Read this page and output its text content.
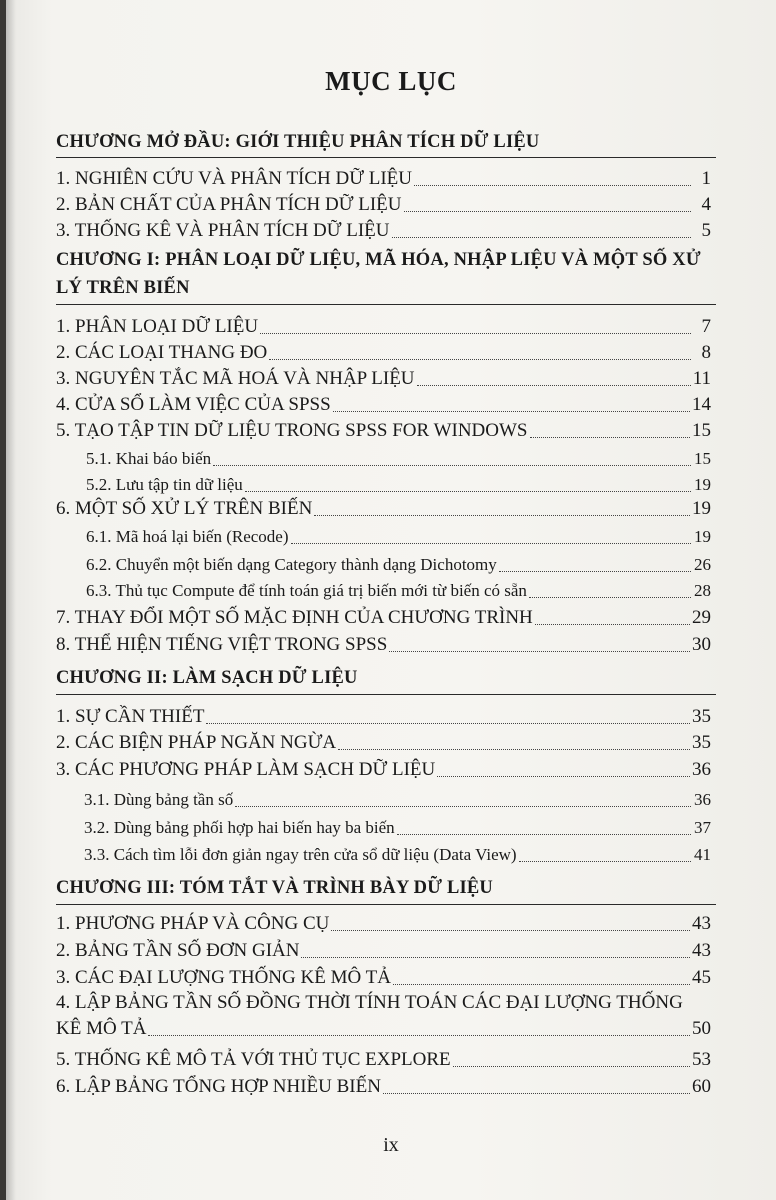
MỤC LỤC
CHƯƠNG MỞ ĐẦU: GIỚI THIỆU PHÂN TÍCH DỮ LIỆU
1. NGHIÊN CỨU VÀ PHÂN TÍCH DỮ LIỆU	1
2. BẢN CHẤT CỦA PHÂN TÍCH DỮ LIỆU	4
3. THỐNG KÊ VÀ PHÂN TÍCH DỮ LIỆU	5
CHƯƠNG I: PHÂN LOẠI DỮ LIỆU, MÃ HÓA, NHẬP LIỆU VÀ MỘT SỐ XỬ
LÝ TRÊN BIẾN
1. PHÂN LOẠI DỮ LIỆU	7
2. CÁC LOẠI THANG ĐO	8
3. NGUYÊN TẮC MÃ HOÁ VÀ NHẬP LIỆU	11
4. CỬA SỔ LÀM VIỆC CỦA SPSS	14
5. TẠO TẬP TIN DỮ LIỆU TRONG SPSS FOR WINDOWS	15
5.1. Khai báo biến	15
5.2. Lưu tập tin dữ liệu	19
6. MỘT SỐ XỬ LÝ TRÊN BIẾN	19
6.1. Mã hoá lại biến (Recode)	19
6.2. Chuyển một biến dạng Category thành dạng Dichotomy	26
6.3. Thủ tục Compute để tính toán giá trị biến mới từ biến có sẵn	28
7. THAY ĐỔI MỘT SỐ MẶC ĐỊNH CỦA CHƯƠNG TRÌNH	29
8. THỂ HIỆN TIẾNG VIỆT TRONG SPSS	30
CHƯƠNG II: LÀM SẠCH DỮ LIỆU
1. SỰ CẦN THIẾT	35
2. CÁC BIỆN PHÁP NGĂN NGỪA	35
3. CÁC PHƯƠNG PHÁP LÀM SẠCH DỮ LIỆU	36
3.1. Dùng bảng tần số	36
3.2. Dùng bảng phối hợp hai biến hay ba biến	37
3.3. Cách tìm lỗi đơn giản ngay trên cửa sổ dữ liệu (Data View)	41
CHƯƠNG III: TÓM TẮT VÀ TRÌNH BÀY DỮ LIỆU
1. PHƯƠNG PHÁP VÀ CÔNG CỤ	43
2. BẢNG TẦN SỐ ĐƠN GIẢN	43
3. CÁC ĐẠI LƯỢNG THỐNG KÊ MÔ TẢ	45
4. LẬP BẢNG TẦN SỐ ĐỒNG THỜI TÍNH TOÁN CÁC ĐẠI LƯỢNG THỐNG
KÊ MÔ TẢ	50
5. THỐNG KÊ MÔ TẢ VỚI THỦ TỤC EXPLORE	53
6. LẬP BẢNG TỔNG HỢP NHIỀU BIẾN	60
ix
